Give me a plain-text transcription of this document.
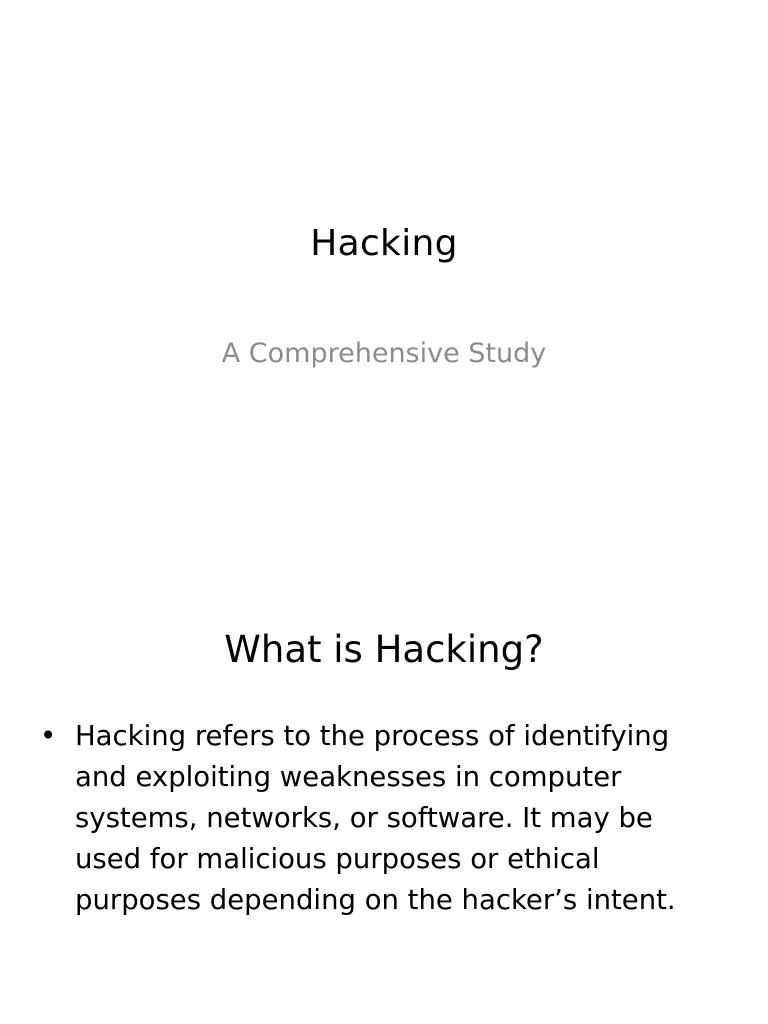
Hacking
A Comprehensive Study
What is Hacking?
• Hacking refers to the process of identifying and exploiting weaknesses in computer systems, networks, or software. It may be used for malicious purposes or ethical purposes depending on the hacker’s intent.
